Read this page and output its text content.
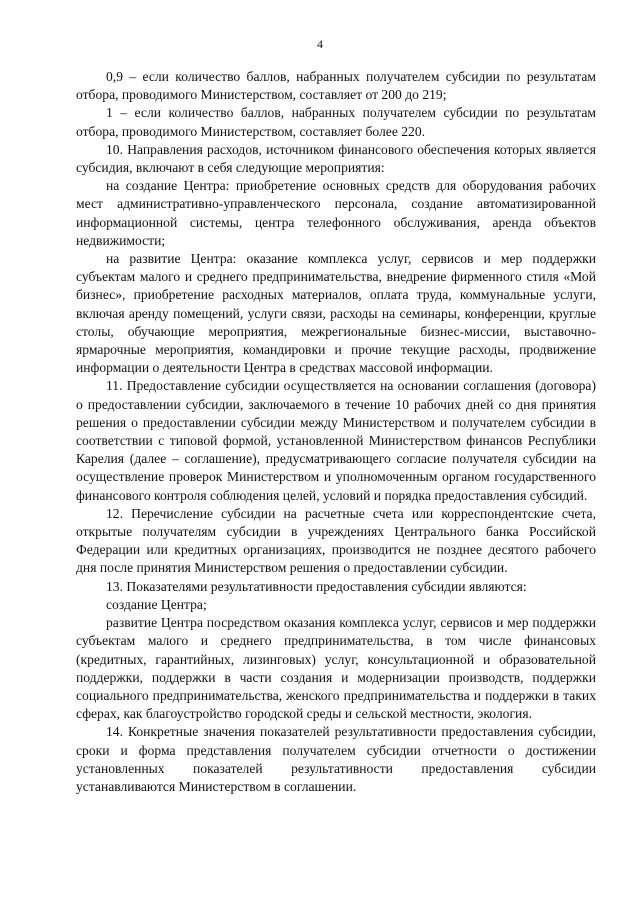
4

0,9 – если количество баллов, набранных получателем субсидии по результатам отбора, проводимого Министерством, составляет от 200 до 219;

1 – если количество баллов, набранных получателем субсидии по результатам отбора, проводимого Министерством, составляет более 220.

10. Направления расходов, источником финансового обеспечения которых является субсидия, включают в себя следующие мероприятия:

на создание Центра: приобретение основных средств для оборудования рабочих мест административно-управленческого персонала, создание автоматизированной информационной системы, центра телефонного обслуживания, аренда объектов недвижимости;

на развитие Центра: оказание комплекса услуг, сервисов и мер поддержки субъектам малого и среднего предпринимательства, внедрение фирменного стиля «Мой бизнес», приобретение расходных материалов, оплата труда, коммунальные услуги, включая аренду помещений, услуги связи, расходы на семинары, конференции, круглые столы, обучающие мероприятия, межрегиональные бизнес-миссии, выставочно-ярмарочные мероприятия, командировки и прочие текущие расходы, продвижение информации о деятельности Центра в средствах массовой информации.

11. Предоставление субсидии осуществляется на основании соглашения (договора) о предоставлении субсидии, заключаемого в течение 10 рабочих дней со дня принятия решения о предоставлении субсидии между Министерством и получателем субсидии в соответствии с типовой формой, установленной Министерством финансов Республики Карелия (далее – соглашение), предусматривающего согласие получателя субсидии на осуществление проверок Министерством и уполномоченным органом государственного финансового контроля соблюдения целей, условий и порядка предоставления субсидий.

12. Перечисление субсидии на расчетные счета или корреспондентские счета, открытые получателям субсидии в учреждениях Центрального банка Российской Федерации или кредитных организациях, производится не позднее десятого рабочего дня после принятия Министерством решения о предоставлении субсидии.

13. Показателями результативности предоставления субсидии являются:

создание Центра;

развитие Центра посредством оказания комплекса услуг, сервисов и мер поддержки субъектам малого и среднего предпринимательства, в том числе финансовых (кредитных, гарантийных, лизинговых) услуг, консультационной и образовательной поддержки, поддержки в части создания и модернизации производств, поддержки социального предпринимательства, женского предпринимательства и поддержки в таких сферах, как благоустройство городской среды и сельской местности, экология.

14. Конкретные значения показателей результативности предоставления субсидии, сроки и форма представления получателем субсидии отчетности о достижении установленных показателей результативности предоставления субсидии устанавливаются Министерством в соглашении.
